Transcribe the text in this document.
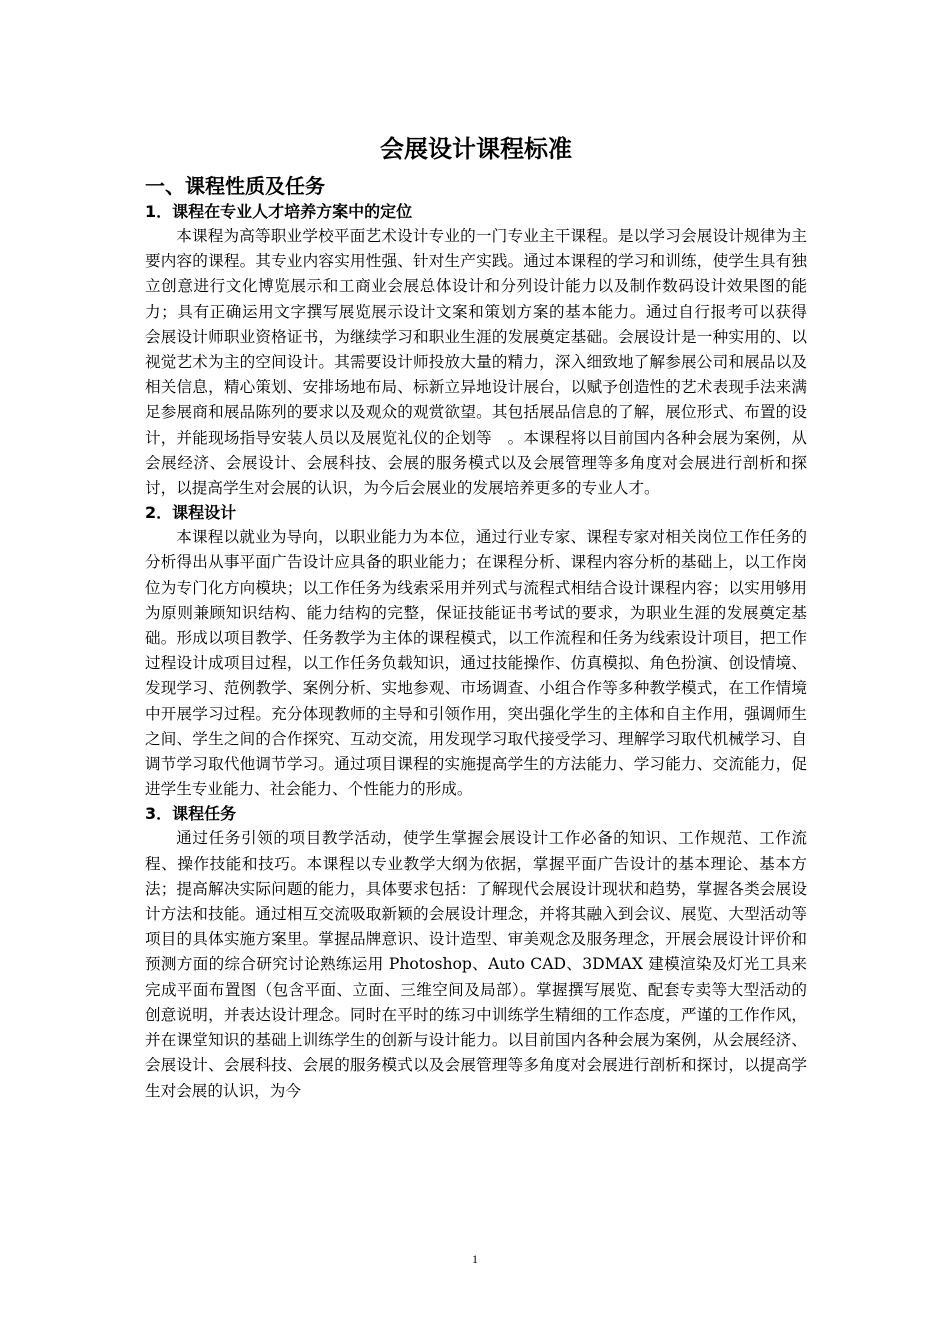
会展设计课程标准
一、课程性质及任务
1．课程在专业人才培养方案中的定位

本课程为高等职业学校平面艺术设计专业的一门专业主干课程。是以学习会展设计规律为主要内容的课程。其专业内容实用性强、针对生产实践。通过本课程的学习和训练，使学生具有独立创意进行文化博览展示和工商业会展总体设计和分列设计能力以及制作数码设计效果图的能力；具有正确运用文字撰写展览展示设计文案和策划方案的基本能力。通过自行报考可以获得　会展设计师职业资格证书，为继续学习和职业生涯的发展奠定基础。会展设计是一种实用的、以视觉艺术为主的空间设计。其需要设计师投放大量的精力，深入细致地了解参展公司和展品以及相关信息，精心策划、安排场地布局、标新立异地设计展台，以赋予创造性的艺术表现手法来满足参展商和展品陈列的要求以及观众的观赏欲望。其包括展品信息的了解，展位形式、布置的设计，并能现场指导安装人员以及展览礼仪的企划等　。本课程将以目前国内各种会展为案例，从会展经济、会展设计、会展科技、会展的服务模式以及会展管理等多角度对会展进行剖析和探讨，以提高学生对会展的认识，为今后会展业的发展培养更多的专业人才。

2．课程设计

本课程以就业为导向，以职业能力为本位，通过行业专家、课程专家对相关岗位工作任务的分析得出从事平面广告设计应具备的职业能力；在课程分析、课程内容分析的基础上，以工作岗位为专门化方向模块；以工作任务为线索采用并列式与流程式相结合设计课程内容；以实用够用为原则兼顾知识结构、能力结构的完整，保证技能证书考试的要求，为职业生涯的发展奠定基础。形成以项目教学、任务教学为主体的课程模式，以工作流程和任务为线索设计项目，把工作过程设计成项目过程，以工作任务负载知识，通过技能操作、仿真模拟、角色扮演、创设情境、发现学习、范例教学、案例分析、实地参观、市场调查、小组合作等多种教学模式，在工作情境中开展学习过程。充分体现教师的主导和引领作用，突出强化学生的主体和自主作用，强调师生之间、学生之间的合作探究、互动交流，用发现学习取代接受学习、理解学习取代机械学习、自调节学习取代他调节学习。通过项目课程的实施提高学生的方法能力、学习能力、交流能力，促进学生专业能力、社会能力、个性能力的形成。

3．课程任务

通过任务引领的项目教学活动，使学生掌握会展设计工作必备的知识、工作规范、工作流程、操作技能和技巧。本课程以专业教学大纲为依据，掌握平面广告设计的基本理论、基本方法；提高解决实际问题的能力，具体要求包括：了解现代会展设计现状和趋势，掌握各类会展设计方法和技能。通过相互交流吸取新颖的会展设计理念，并将其融入到会议、展览、大型活动等项目的具体实施方案里。掌握品牌意识、设计造型、审美观念及服务理念，开展会展设计评价和预测方面的综合研究讨论熟练运用 Photoshop、Auto CAD、3DMAX 建模渲染及灯光工具来完成平面布置图（包含平面、立面、三维空间及局部）。掌握撰写展览、配套专卖等大型活动的创意说明，并表达设计理念。同时在平时的练习中训练学生精细的工作态度，严谨的工作作风，并在课堂知识的基础上训练学生的创新与设计能力。以目前国内各种会展为案例，从会展经济、会展设计、会展科技、会展的服务模式以及会展管理等多角度对会展进行剖析和探讨，以提高学生对会展的认识，为今

1
